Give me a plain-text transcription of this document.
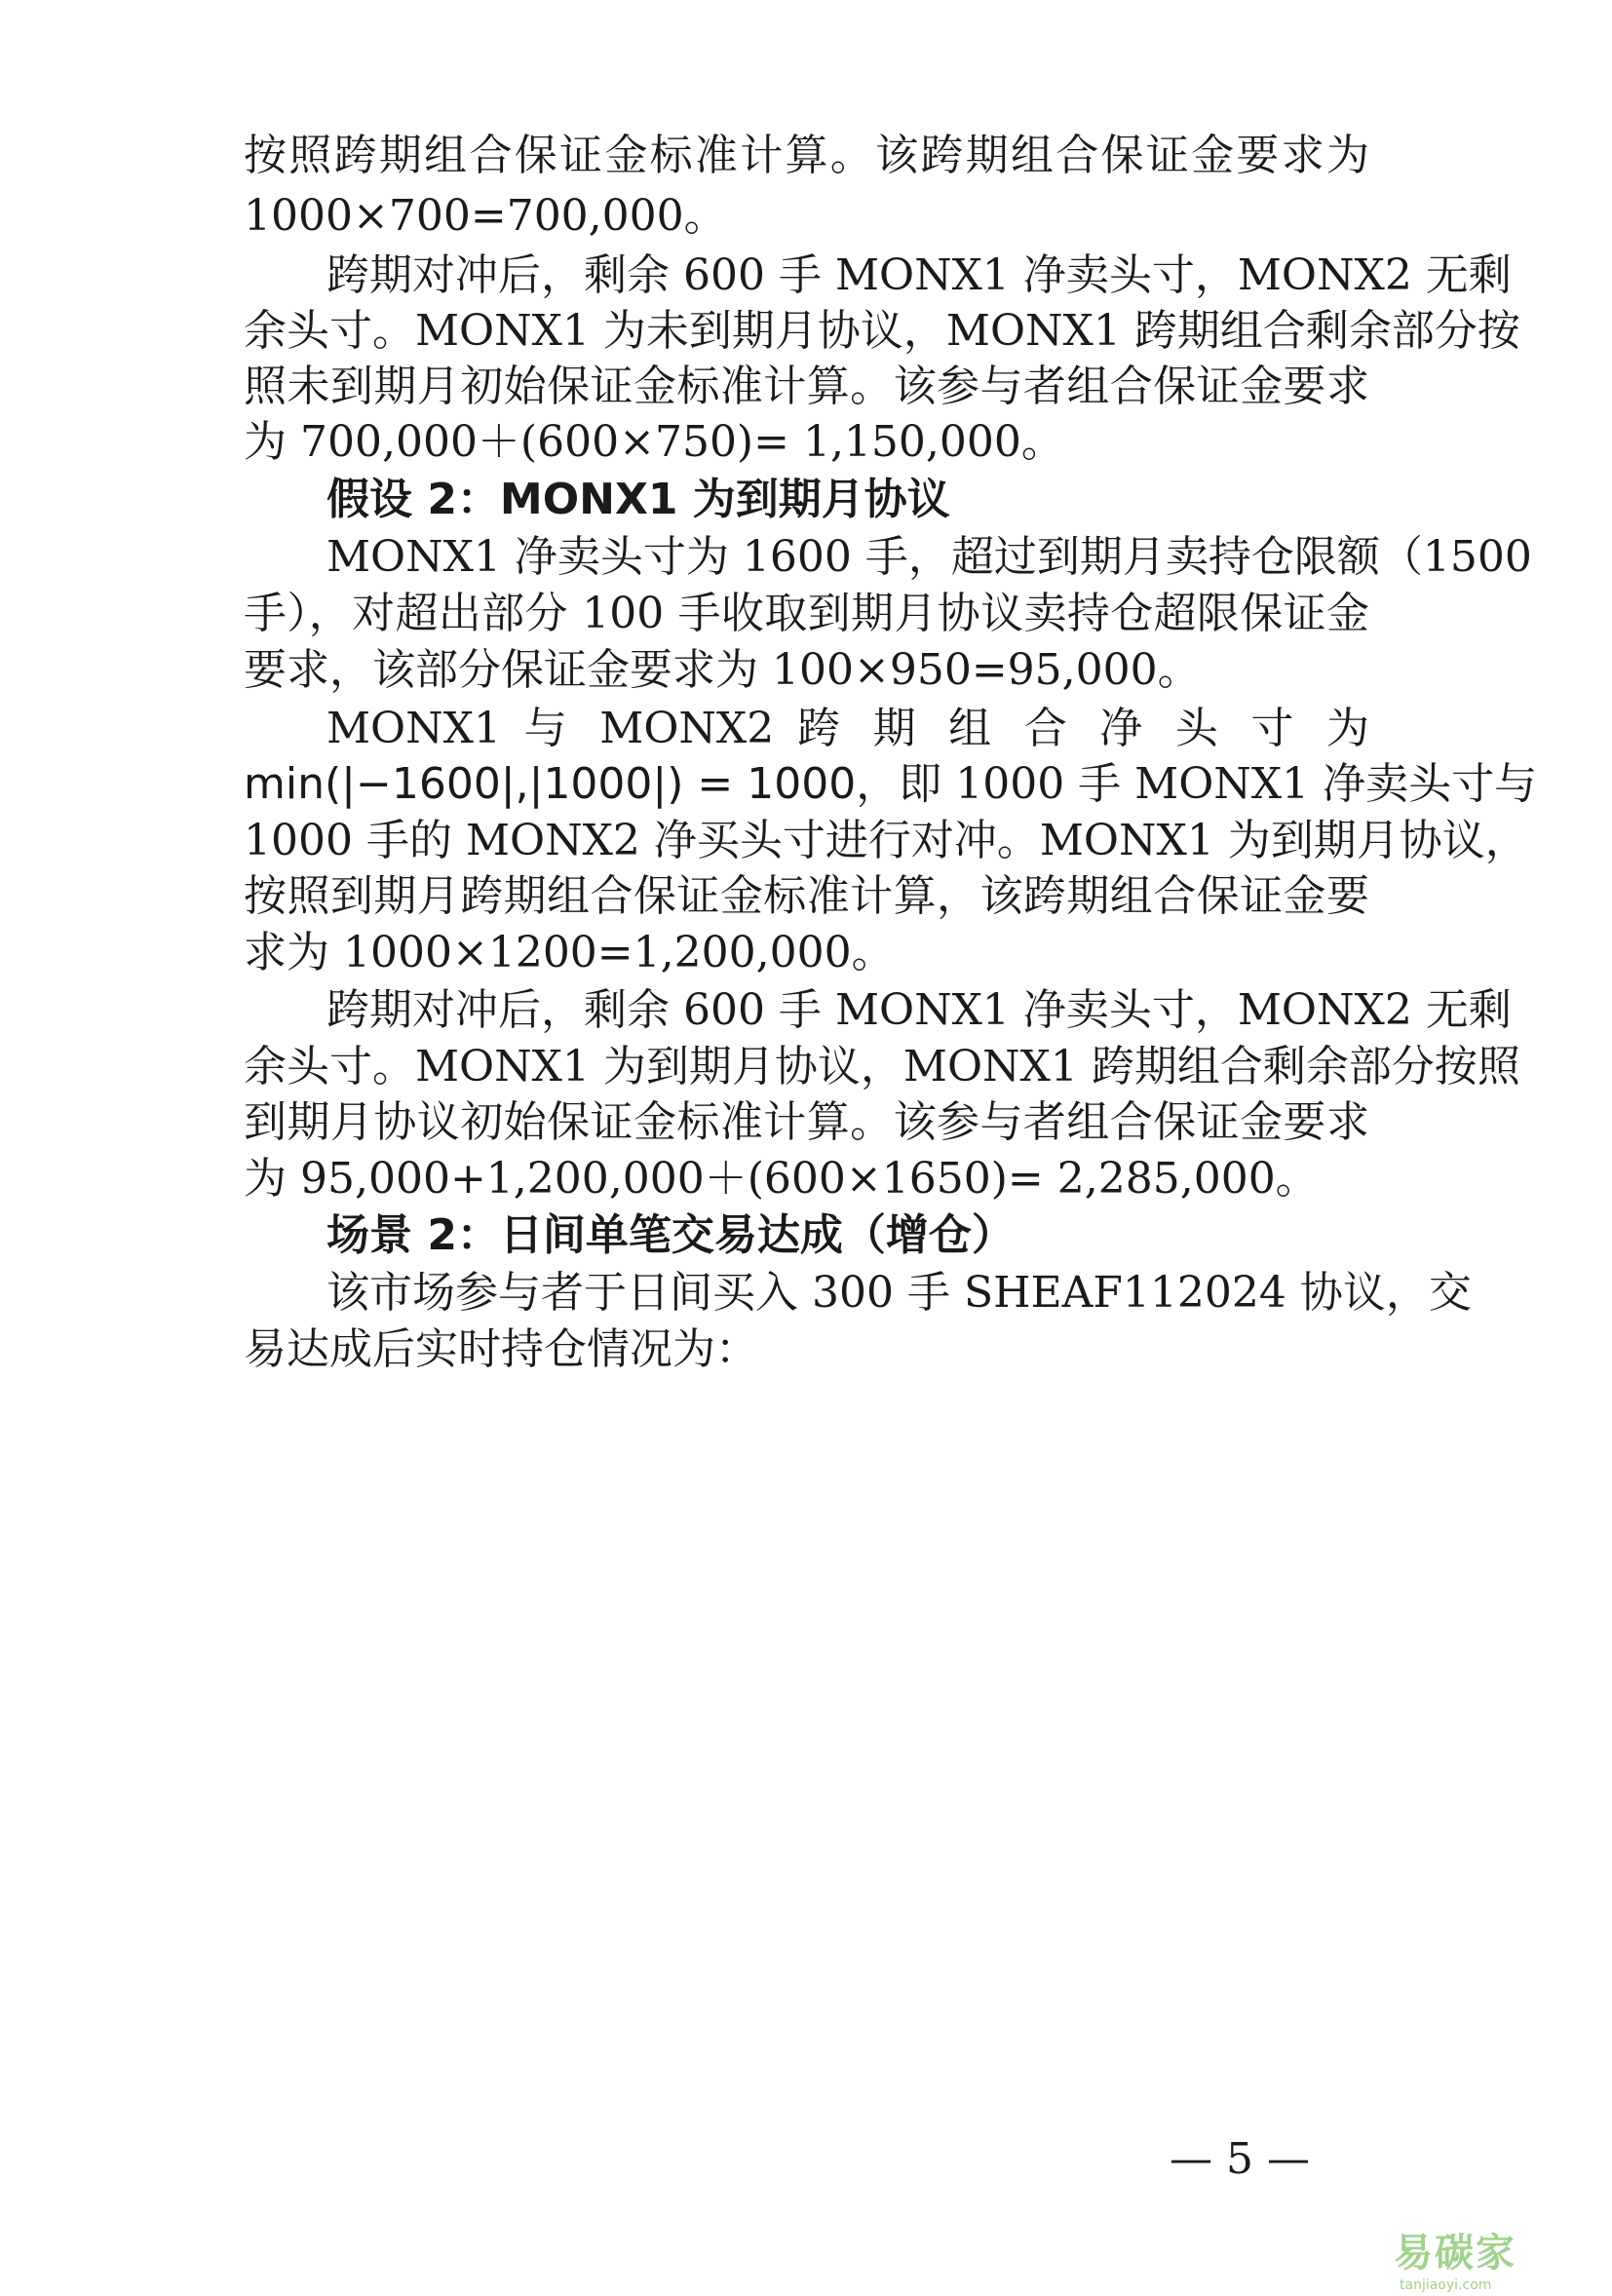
按照跨期组合保证金标准计算。该跨期组合保证金要求为
1000×700=700,000。
跨期对冲后，剩余 600 手 MONX1 净卖头寸，MONX2 无剩
余头寸。MONX1 为未到期月协议，MONX1 跨期组合剩余部分按
照未到期月初始保证金标准计算。该参与者组合保证金要求
为 700,000＋(600×750)= 1,150,000。
假设 2：MONX1 为到期月协议
MONX1 净卖头寸为 1600 手，超过到期月卖持仓限额（1500
手），对超出部分 100 手收取到期月协议卖持仓超限保证金
要求，该部分保证金要求为 100×950=95,000。
MONX1 与 MONX2 跨 期 组 合 净 头 寸 为
min(|−1600|,|1000|) = 1000，即 1000 手 MONX1 净卖头寸与
1000 手的 MONX2 净买头寸进行对冲。MONX1 为到期月协议，
按照到期月跨期组合保证金标准计算，该跨期组合保证金要
求为 1000×1200=1,200,000。
跨期对冲后，剩余 600 手 MONX1 净卖头寸，MONX2 无剩
余头寸。MONX1 为到期月协议，MONX1 跨期组合剩余部分按照
到期月协议初始保证金标准计算。该参与者组合保证金要求
为 95,000+1,200,000＋(600×1650)= 2,285,000。
场景 2：日间单笔交易达成（增仓）
该市场参与者于日间买入 300 手 SHEAF112024 协议，交
易达成后实时持仓情况为：
— 5 —
易碳家tanjiaoyi.com
